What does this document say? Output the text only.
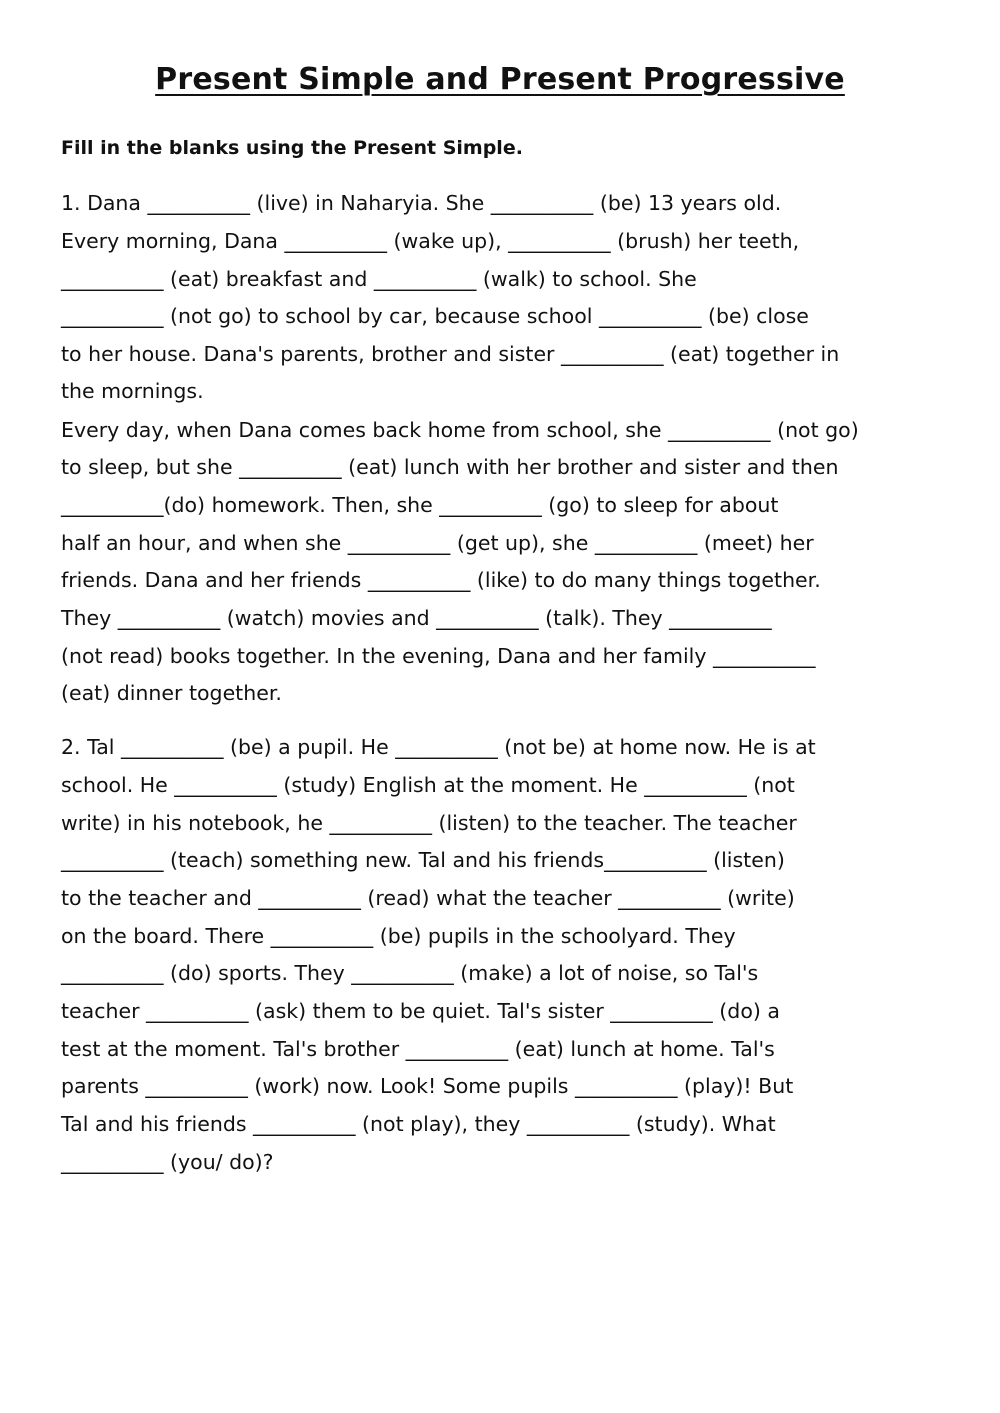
Present Simple and Present Progressive

Fill in the blanks using the Present Simple.

1. Dana __________ (live) in Naharyia. She __________ (be) 13 years old.

Every morning, Dana __________ (wake up), __________ (brush) her teeth,

__________ (eat) breakfast and __________ (walk) to school. She

__________ (not go) to school by car, because school __________ (be) close

to her house. Dana's parents, brother and sister __________ (eat) together in

the mornings.

Every day, when Dana comes back home from school, she __________ (not go)

to sleep, but she __________ (eat) lunch with her brother and sister and then

__________(do) homework. Then, she __________ (go) to sleep for about

half an hour, and when she __________ (get up), she __________ (meet) her

friends. Dana and her friends __________ (like) to do many things together.

They __________ (watch) movies and __________ (talk). They __________

(not read) books together. In the evening, Dana and her family __________

(eat) dinner together.

2. Tal __________ (be) a pupil. He __________ (not be) at home now. He is at

school. He __________ (study) English at the moment. He __________ (not

write) in his notebook, he __________ (listen) to the teacher. The teacher

__________ (teach) something new. Tal and his friends__________ (listen)

to the teacher and __________ (read) what the teacher __________ (write)

on the board. There __________ (be) pupils in the schoolyard. They

__________ (do) sports. They __________ (make) a lot of noise, so Tal's

teacher __________ (ask) them to be quiet. Tal's sister __________ (do) a

test at the moment. Tal's brother __________ (eat) lunch at home. Tal's

parents __________ (work) now. Look! Some pupils __________ (play)! But

Tal and his friends __________ (not play), they __________ (study). What

__________ (you/ do)?
